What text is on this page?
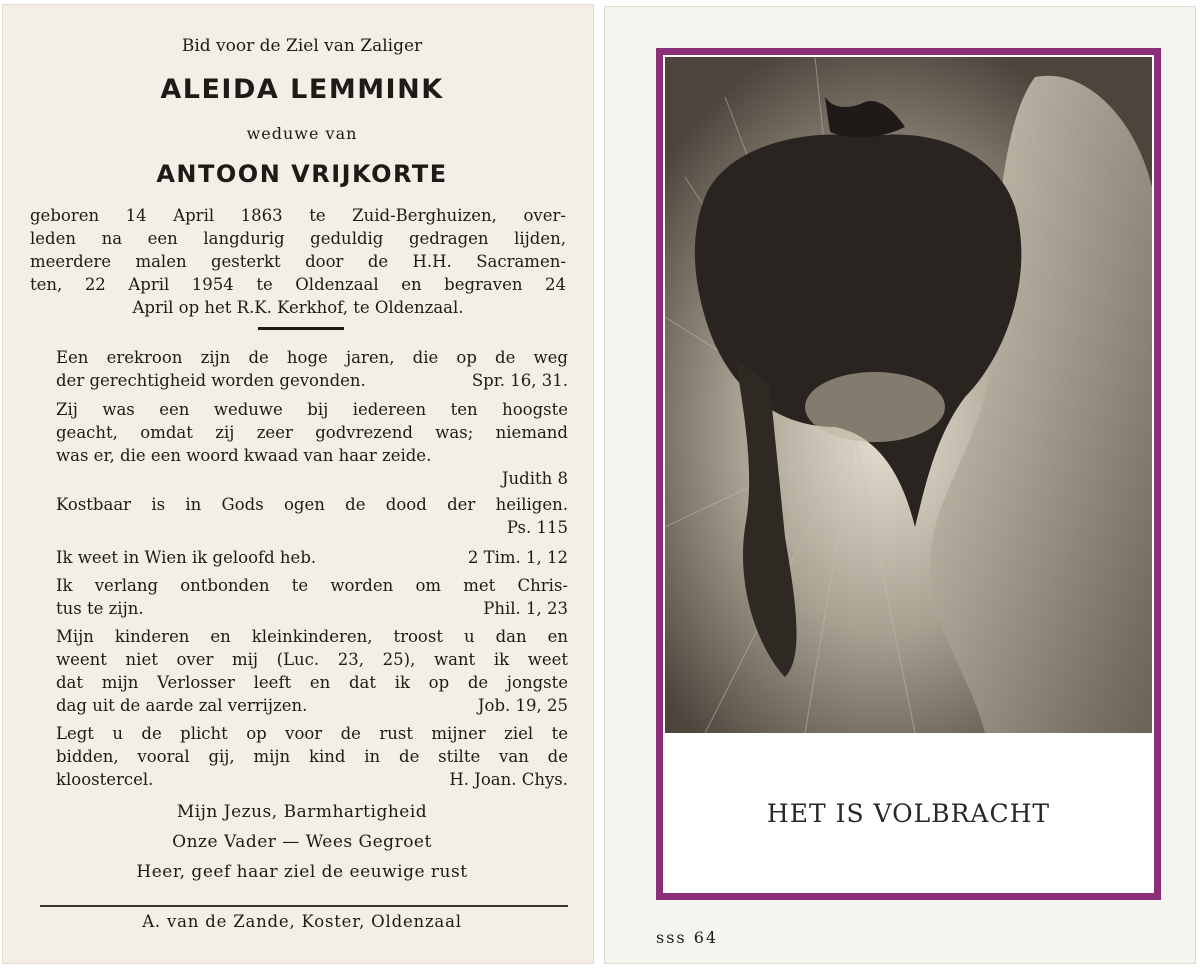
Bid voor de Ziel van Zaliger
ALEIDA LEMMINK
weduwe van
ANTOON VRIJKORTE
geboren 14 April 1863 te Zuid-Berghuizen, over-
leden na een langdurig geduldig gedragen lijden,
meerdere malen gesterkt door de H.H. Sacramen-
ten, 22 April 1954 te Oldenzaal en begraven 24
April op het R.K. Kerkhof, te Oldenzaal.
Een erekroon zijn de hoge jaren, die op de weg
der gerechtigheid worden gevonden.	Spr. 16, 31.
Zij was een weduwe bij iedereen ten hoogste
geacht, omdat zij zeer godvrezend was; niemand
was er, die een woord kwaad van haar zeide.
Judith 8
Kostbaar is in Gods ogen de dood der heiligen.
Ps. 115
Ik weet in Wien ik geloofd heb.	2 Tim. 1, 12
Ik verlang ontbonden te worden om met Chris-
tus te zijn.	Phil. 1, 23
Mijn kinderen en kleinkinderen, troost u dan en
weent niet over mij (Luc. 23, 25), want ik weet
dat mijn Verlosser leeft en dat ik op de jongste
dag uit de aarde zal verrijzen.	Job. 19, 25
Legt u de plicht op voor de rust mijner ziel te
bidden, vooral gij, mijn kind in de stilte van de
kloostercel.	H. Joan. Chys.
Mijn Jezus, Barmhartigheid
Onze Vader — Wees Gegroet
Heer, geef haar ziel de eeuwige rust
A. van de Zande, Koster, Oldenzaal
HET IS VOLBRACHT
sss 64
